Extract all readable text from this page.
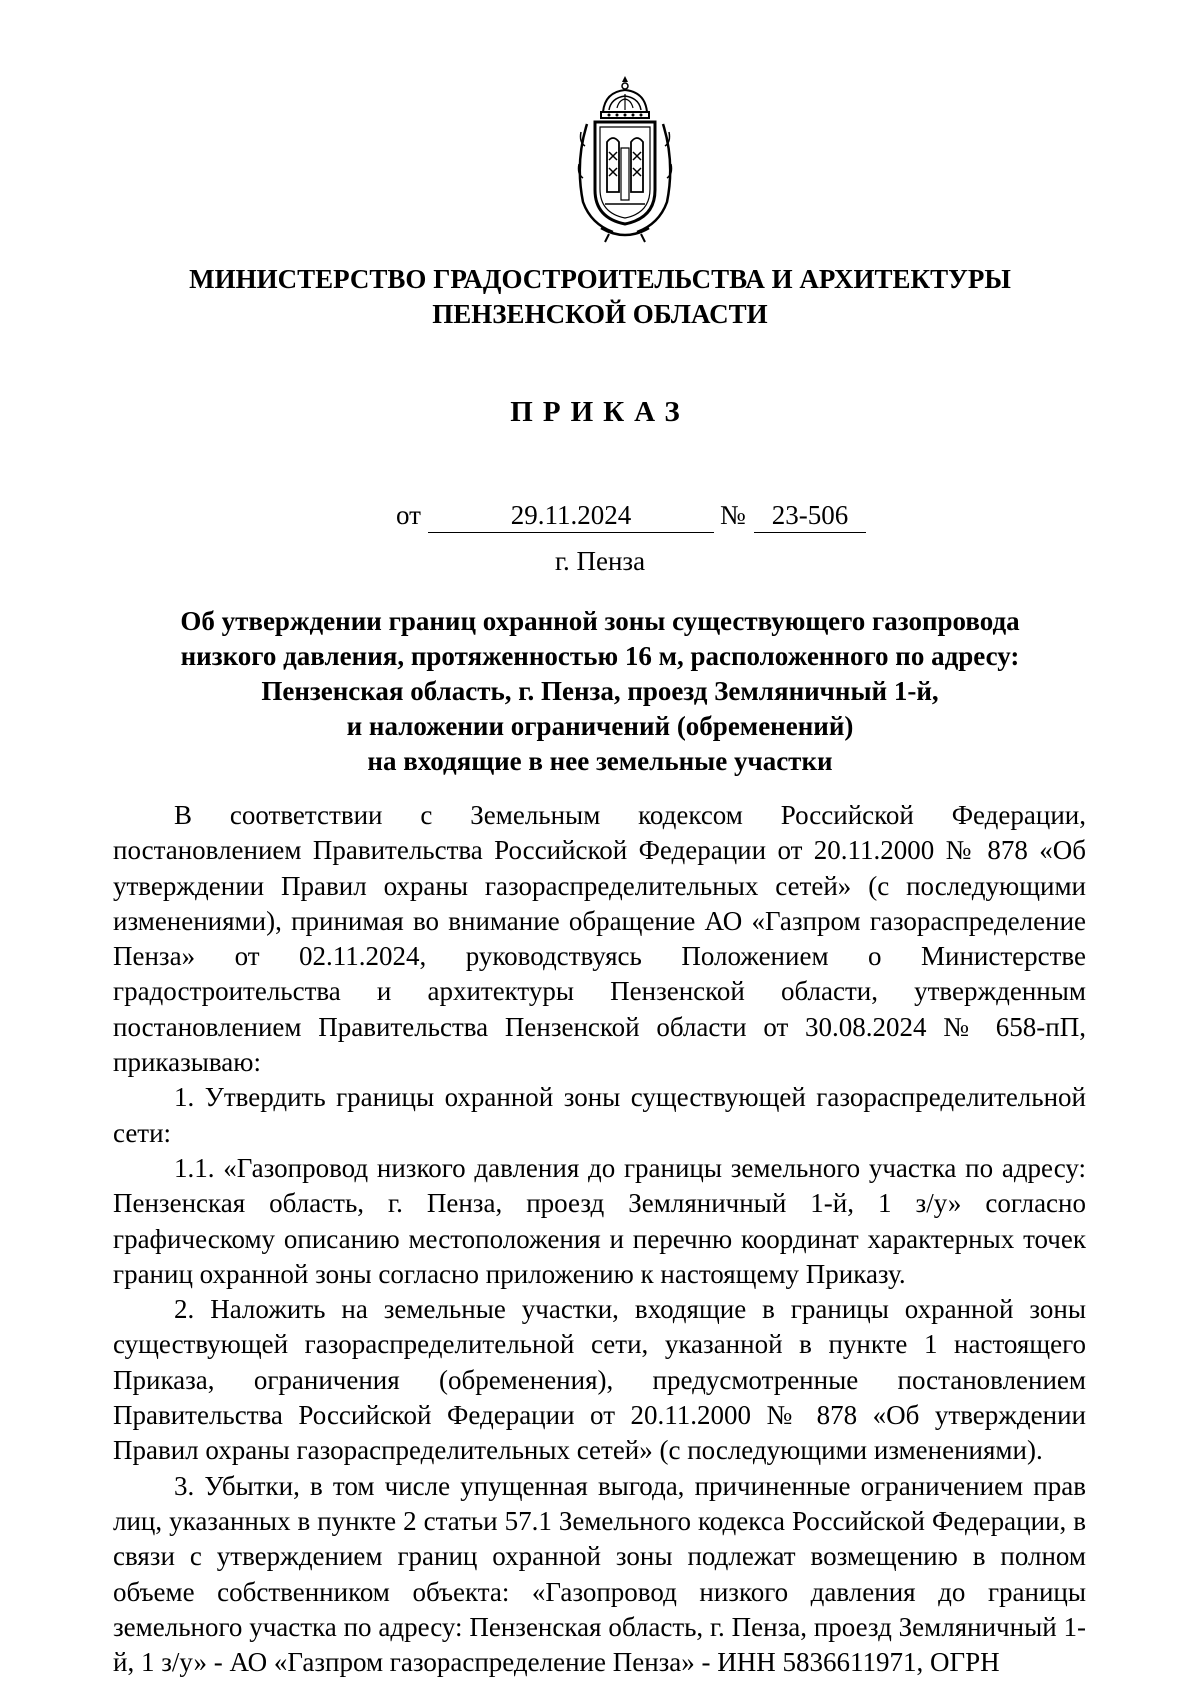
МИНИСТЕРСТВО ГРАДОСТРОИТЕЛЬСТВА И АРХИТЕКТУРЫ
ПЕНЗЕНСКОЙ ОБЛАСТИ
ПРИКАЗ
от	29.11.2024	№ 23-506
г. Пенза
Об утверждении границ охранной зоны существующего газопровода
низкого давления, протяженностью 16 м, расположенного по адресу:
Пензенская область, г. Пенза, проезд Земляничный 1-й,
и наложении ограничений (обременений)
на входящие в нее земельные участки

В соответствии с Земельным кодексом Российской Федерации, постановлением Правительства Российской Федерации от 20.11.2000 № 878 «Об утверждении Правил охраны газораспределительных сетей» (с последующими изменениями), принимая во внимание обращение АО «Газпром газораспределение Пенза» от 02.11.2024, руководствуясь Положением о Министерстве градостроительства и архитектуры Пензенской области, утвержденным постановлением Правительства Пензенской области от 30.08.2024 № 658-пП, приказываю:

1. Утвердить границы охранной зоны существующей газораспределительной сети:

1.1. «Газопровод низкого давления до границы земельного участка по адресу: Пензенская область, г. Пенза, проезд Земляничный 1-й, 1 з/у» согласно графическому описанию местоположения и перечню координат характерных точек границ охранной зоны согласно приложению к настоящему Приказу.

2. Наложить на земельные участки, входящие в границы охранной зоны существующей газораспределительной сети, указанной в пункте 1 настоящего Приказа, ограничения (обременения), предусмотренные постановлением Правительства Российской Федерации от 20.11.2000 № 878 «Об утверждении Правил охраны газораспределительных сетей» (с последующими изменениями).

3. Убытки, в том числе упущенная выгода, причиненные ограничением прав лиц, указанных в пункте 2 статьи 57.1 Земельного кодекса Российской Федерации, в связи с утверждением границ охранной зоны подлежат возмещению в полном объеме собственником объекта: «Газопровод низкого давления до границы земельного участка по адресу: Пензенская область, г. Пенза, проезд Земляничный 1-й, 1 з/у» - АО «Газпром газораспределение Пенза» - ИНН 5836611971, ОГРН
